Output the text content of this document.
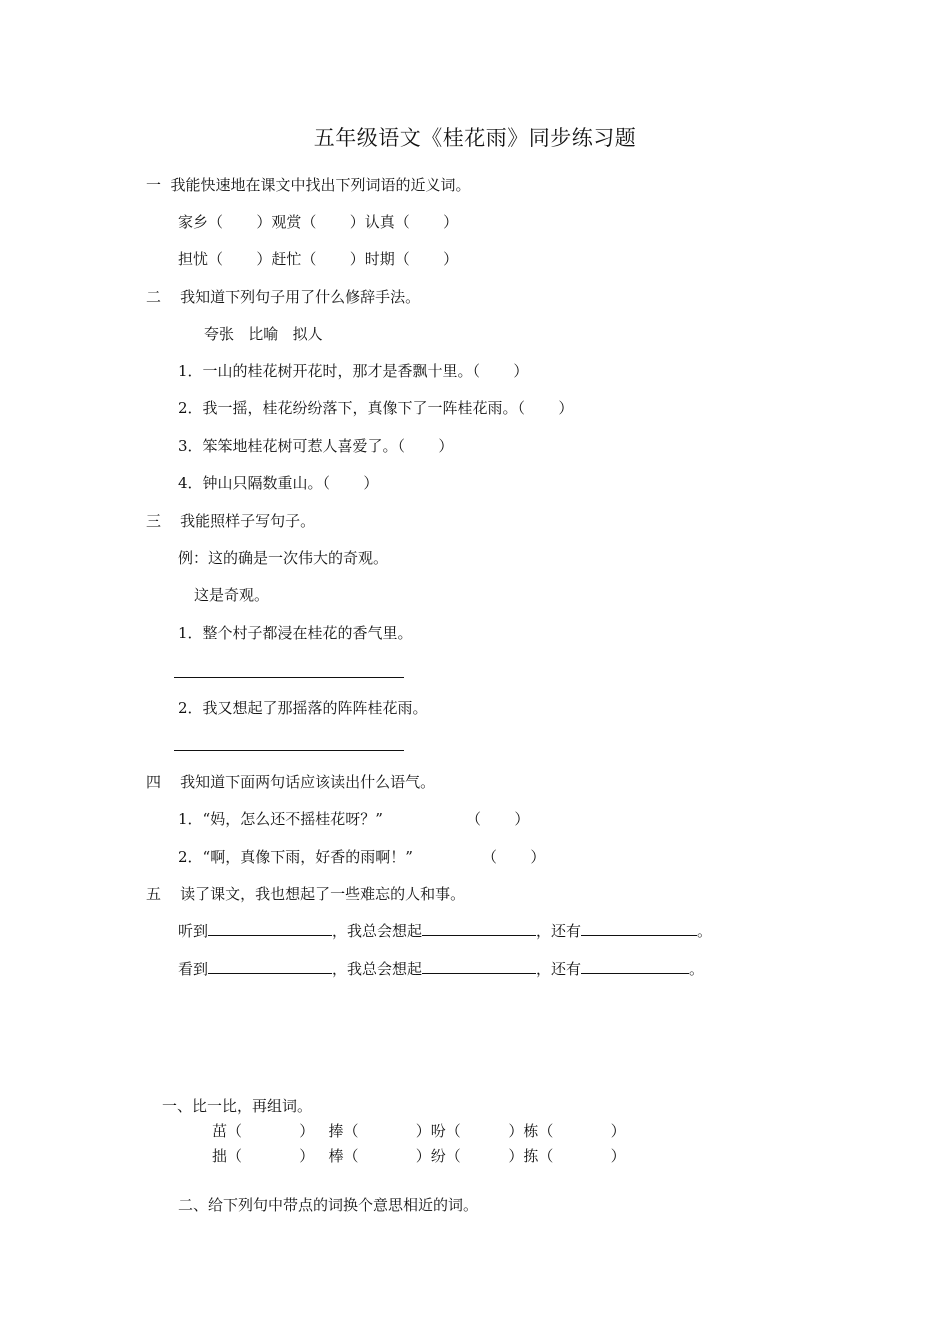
五年级语文《桂花雨》同步练习题
一  我能快速地在课文中找出下列词语的近义词。
家乡（       ）观赏（       ）认真（       ）
担忧（       ）赶忙（       ）时期（       ）
二    我知道下列句子用了什么修辞手法。
夸张   比喻   拟人
1．一山的桂花树开花时，那才是香飘十里。（       ）
2．我一摇，桂花纷纷落下，真像下了一阵桂花雨。（       ）
3．笨笨地桂花树可惹人喜爱了。（       ）
4．钟山只隔数重山。（       ）
三    我能照样子写句子。
例：这的确是一次伟大的奇观。
这是奇观。
1．整个村子都浸在桂花的香气里。
2．我又想起了那摇落的阵阵桂花雨。
四    我知道下面两句话应该读出什么语气。
1．“妈，怎么还不摇桂花呀？”	（       ）
2．“啊，真像下雨，好香的雨啊！”	（       ）
五    读了课文，我也想起了一些难忘的人和事。
听到	，我总会想起	，还有	。
看到	，我总会想起	，还有	。
一、比一比，再组词。
茁（            ）   捧（            ）吩（          ）栋（            ）
拙（            ）   棒（            ）纷（          ）拣（            ）
二、给下列句中带点的词换个意思相近的词。
